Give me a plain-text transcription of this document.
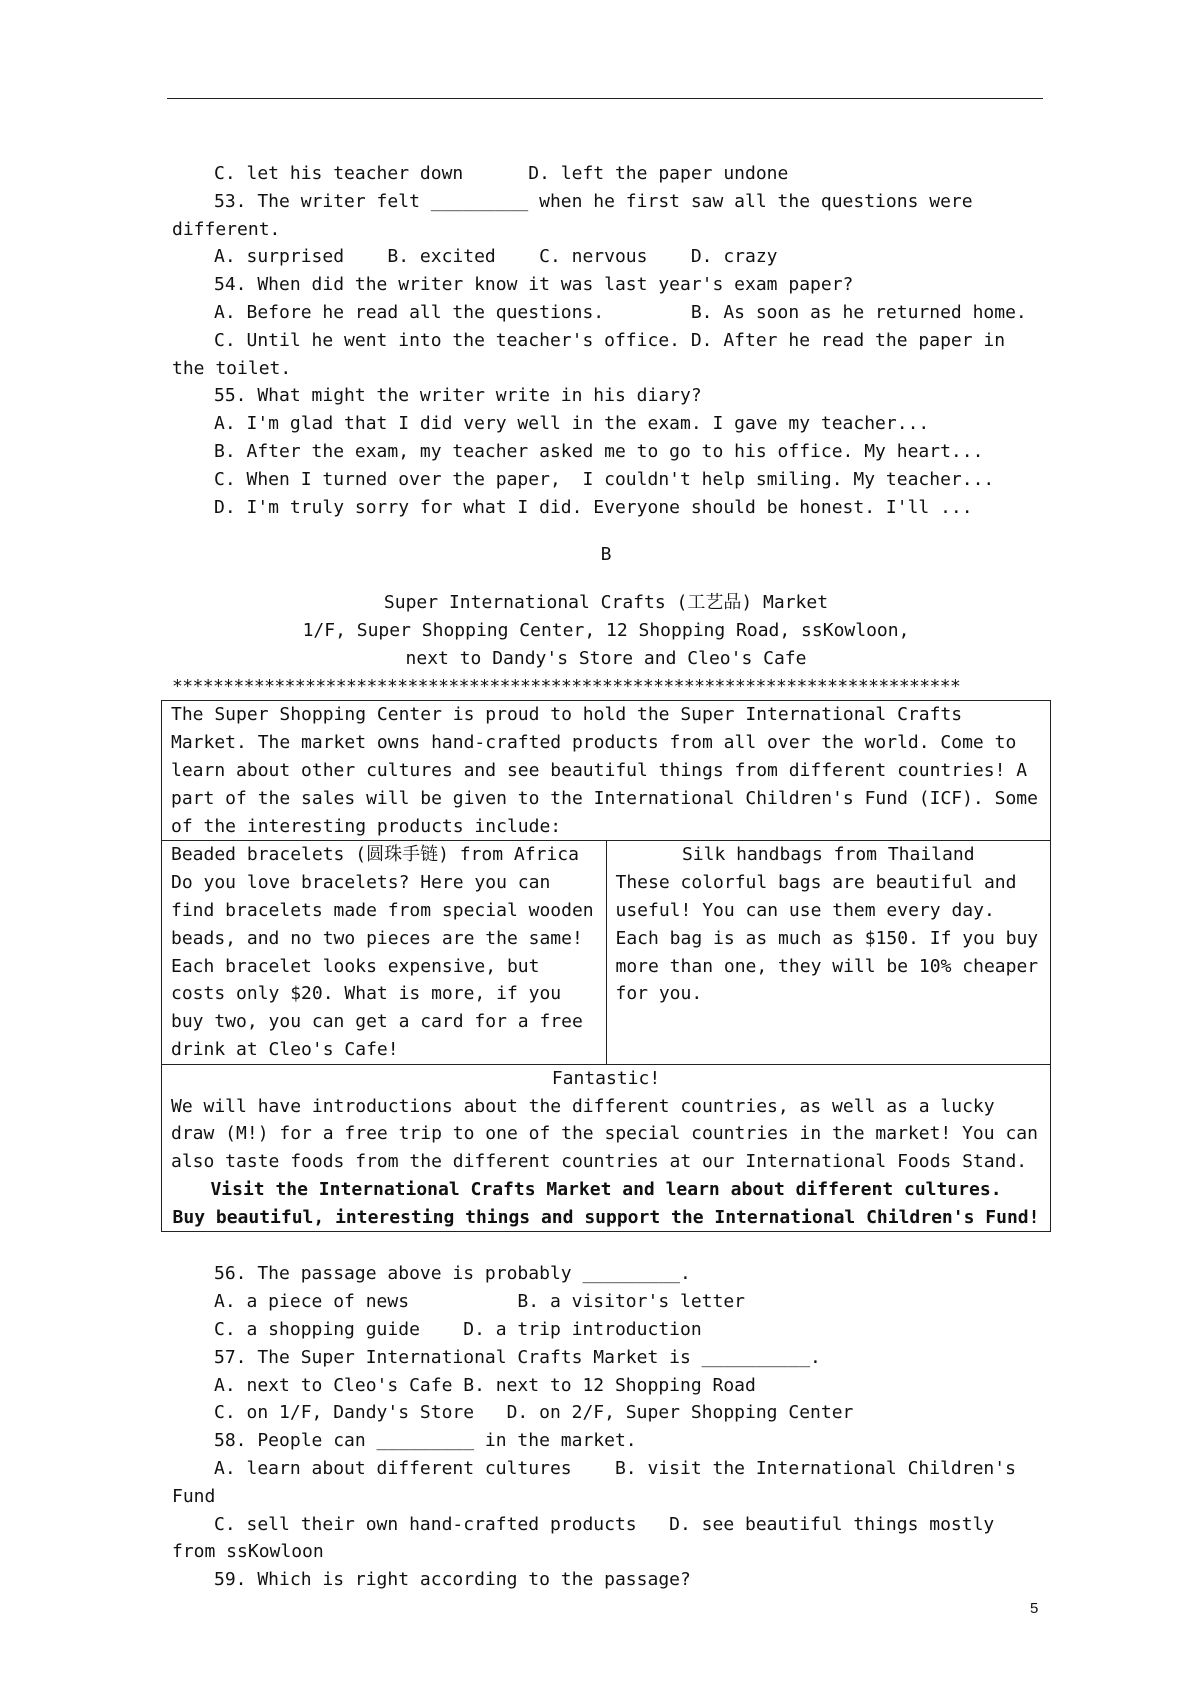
C. let his teacher down      D. left the paper undone
53. The writer felt _________ when he first saw all the questions were different.
A. surprised    B. excited    C. nervous    D. crazy
54. When did the writer know it was last year's exam paper?
A. Before he read all the questions.        B. As soon as he returned home.
C. Until he went into the teacher's office. D. After he read the paper in the toilet.
55. What might the writer write in his diary?
A. I'm glad that I did very well in the exam. I gave my teacher...
B. After the exam, my teacher asked me to go to his office. My heart...
C. When I turned over the paper,  I couldn't help smiling. My teacher...
D. I'm truly sorry for what I did. Everyone should be honest. I'll ...
B
Super International Crafts (工艺品) Market
1/F, Super Shopping Center, 12 Shopping Road, ssKowloon,
next to Dandy's Store and Cleo's Cafe
*****************************************************************************
The Super Shopping Center is proud to hold the Super International Crafts Market. The market owns hand-crafted products from all over the world. Come to learn about other cultures and see beautiful things from different countries! A part of the sales will be given to the International Children's Fund (ICF). Some of the interesting products include:
Beaded bracelets (圆珠手链) from Africa
Do you love bracelets? Here you can find bracelets made from special wooden beads, and no two pieces are the same! Each bracelet looks expensive, but costs only $20. What is more, if you buy two, you can get a card for a free drink at Cleo's Cafe!
Silk handbags from Thailand
These colorful bags are beautiful and useful! You can use them every day. Each bag is as much as $150. If you buy more than one, they will be 10% cheaper for you.
Fantastic!
We will have introductions about the different countries, as well as a lucky draw (M!) for a free trip to one of the special countries in the market! You can also taste foods from the different countries at our International Foods Stand.
Visit the International Crafts Market and learn about different cultures.
Buy beautiful, interesting things and support the International Children's Fund!
56. The passage above is probably _________.
A. a piece of news          B. a visitor's letter
C. a shopping guide    D. a trip introduction
57. The Super International Crafts Market is __________.
A. next to Cleo's Cafe B. next to 12 Shopping Road
C. on 1/F, Dandy's Store   D. on 2/F, Super Shopping Center
58. People can _________ in the market.
A. learn about different cultures    B. visit the International Children's Fund
C. sell their own hand-crafted products   D. see beautiful things mostly from ssKowloon
59. Which is right according to the passage?
5
